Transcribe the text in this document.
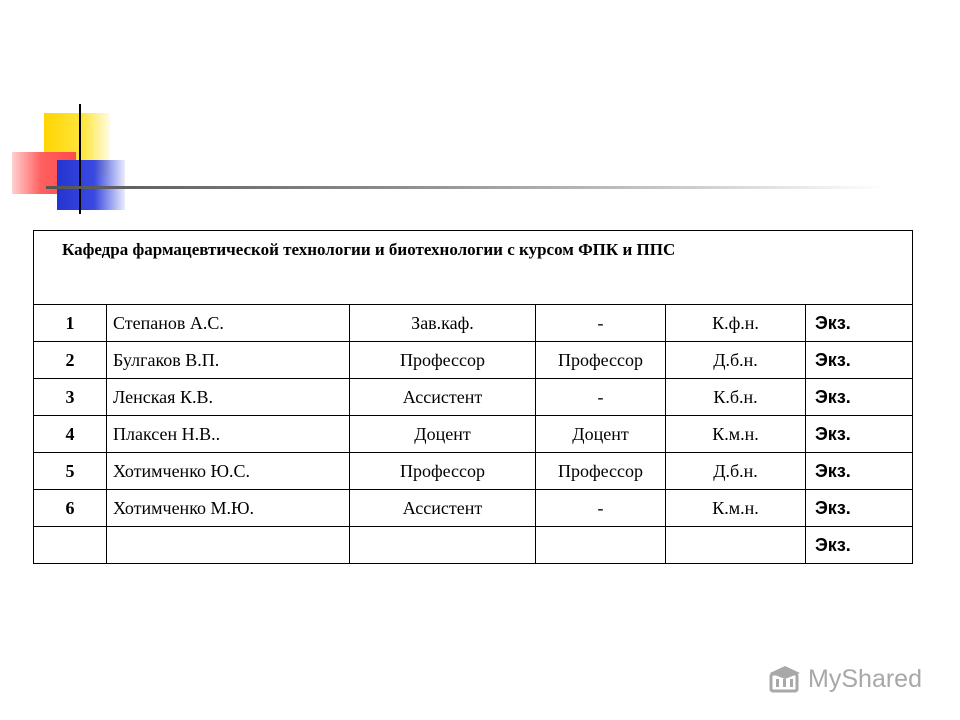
Кафедра фармацевтической технологии и биотехнологии с курсом ФПК и ППС					
1	Степанов А.С.	Зав.каф.	-	К.ф.н.	Экз.
2	Булгаков В.П.	Профессор	Профессор	Д.б.н.	Экз.
3	Ленская К.В.	Ассистент	-	К.б.н.	Экз.
4	Плаксен Н.В..	Доцент	Доцент	К.м.н.	Экз.
5	Хотимченко Ю.С.	Профессор	Профессор	Д.б.н.	Экз.
6	Хотимченко М.Ю.	Ассистент	-	К.м.н.	Экз.
					Экз.
MyShared
